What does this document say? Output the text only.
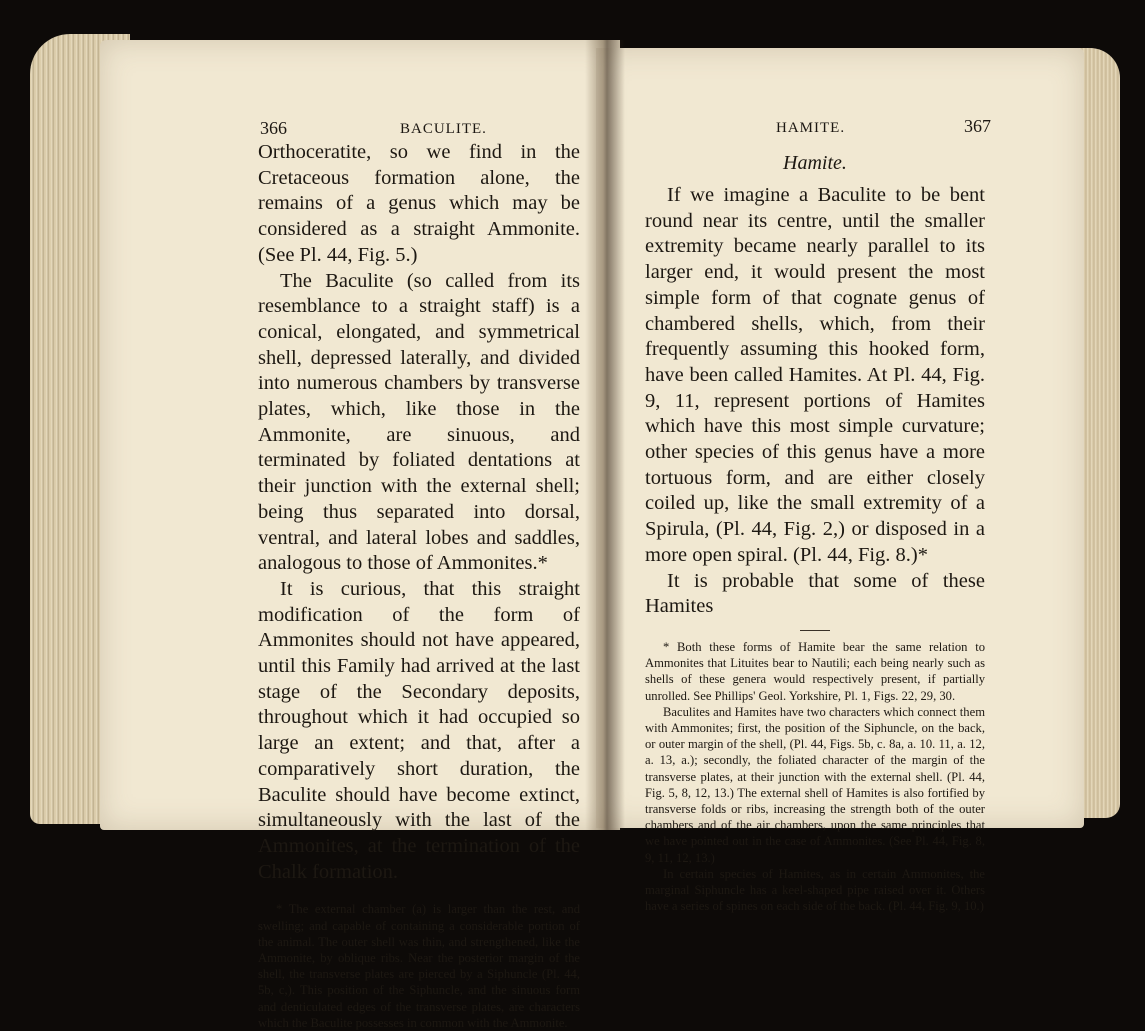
366	BACULITE.

Orthoceratite, so we find in the Cretaceous formation alone, the remains of a genus which may be considered as a straight Ammonite. (See Pl. 44, Fig. 5.)

The Baculite (so called from its resemblance to a straight staff) is a conical, elongated, and symmetrical shell, depressed laterally, and divided into numerous chambers by transverse plates, which, like those in the Ammonite, are sinuous, and terminated by foliated dentations at their junction with the external shell; being thus separated into dorsal, ventral, and lateral lobes and saddles, analogous to those of Ammonites.*

It is curious, that this straight modification of the form of Ammonites should not have appeared, until this Family had arrived at the last stage of the Secondary deposits, throughout which it had occupied so large an extent; and that, after a comparatively short duration, the Baculite should have become extinct, simultaneously with the last of the Ammonites, at the termination of the Chalk formation.

* The external chamber (a) is larger than the rest, and swelling; and capable of containing a considerable portion of the animal. The outer shell was thin, and strengthened, like the Ammonite, by oblique ribs. Near the posterior margin of the shell, the transverse plates are pierced by a Siphuncle (Pl. 44, 5b, c,). This position of the Siphuncle, and the sinuous form and denticulated edges of the transverse plates, are characters which the Baculite possesses in common with the Ammonite.

HAMITE.	367

Hamite.

If we imagine a Baculite to be bent round near its centre, until the smaller extremity became nearly parallel to its larger end, it would present the most simple form of that cognate genus of chambered shells, which, from their frequently assuming this hooked form, have been called Hamites. At Pl. 44, Fig. 9, 11, represent portions of Hamites which have this most simple curvature; other species of this genus have a more tortuous form, and are either closely coiled up, like the small extremity of a Spirula, (Pl. 44, Fig. 2,) or disposed in a more open spiral. (Pl. 44, Fig. 8.)*

It is probable that some of these Hamites

* Both these forms of Hamite bear the same relation to Ammonites that Lituites bear to Nautili; each being nearly such as shells of these genera would respectively present, if partially unrolled. See Phillips' Geol. Yorkshire, Pl. 1, Figs. 22, 29, 30.

Baculites and Hamites have two characters which connect them with Ammonites; first, the position of the Siphuncle, on the back, or outer margin of the shell, (Pl. 44, Figs. 5b, c. 8a, a. 10. 11, a. 12, a. 13, a.); secondly, the foliated character of the margin of the transverse plates, at their junction with the external shell. (Pl. 44, Fig. 5, 8, 12, 13.) The external shell of Hamites is also fortified by transverse folds or ribs, increasing the strength both of the outer chambers and of the air chambers, upon the same principles that we have pointed out in the case of Ammonites. (See Pl. 44, Fig. 8, 9, 11, 12, 13.)

In certain species of Hamites, as in certain Ammonites, the marginal Siphuncle has a keel-shaped pipe raised over it. Others have a series of spines on each side of the back. (Pl. 44, Fig. 9, 10.)
